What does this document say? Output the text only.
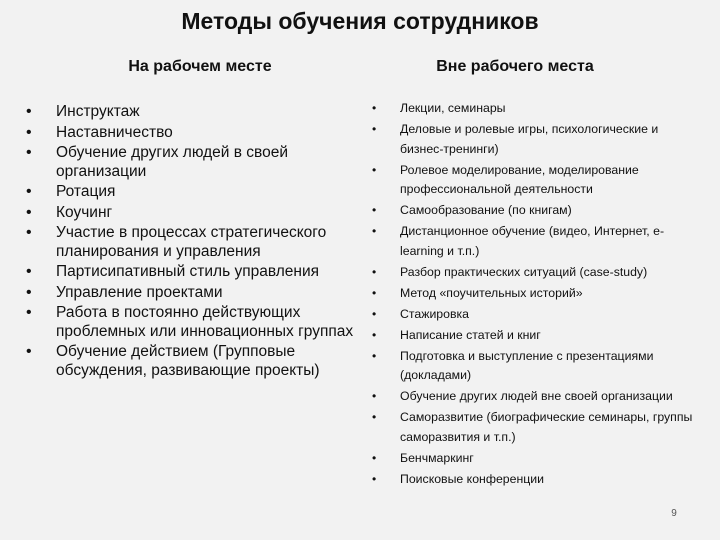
Методы обучения сотрудников
На рабочем месте	Вне рабочего места
• Инструктаж
• Наставничество
• Обучение других людей в своей организации
• Ротация
• Коучинг
• Участие в процессах стратегического планирования и управления
• Партисипативный стиль управления
• Управление проектами
• Работа в постоянно действующих проблемных или инновационных группах
• Обучение действием (Групповые обсуждения, развивающие проекты)
• Лекции, семинары
• Деловые и ролевые игры, психологические и бизнес-тренинги)
• Ролевое моделирование, моделирование профессиональной деятельности
• Самообразование (по книгам)
• Дистанционное обучение (видео, Интернет, e-learning и т.п.)
• Разбор практических ситуаций (case-study)
• Метод «поучительных историй»
• Стажировка
• Написание статей и книг
• Подготовка и выступление с презентациями (докладами)
• Обучение других людей вне своей организации
• Саморазвитие (биографические семинары, группы саморазвития и т.п.)
• Бенчмаркинг
• Поисковые конференции
9
